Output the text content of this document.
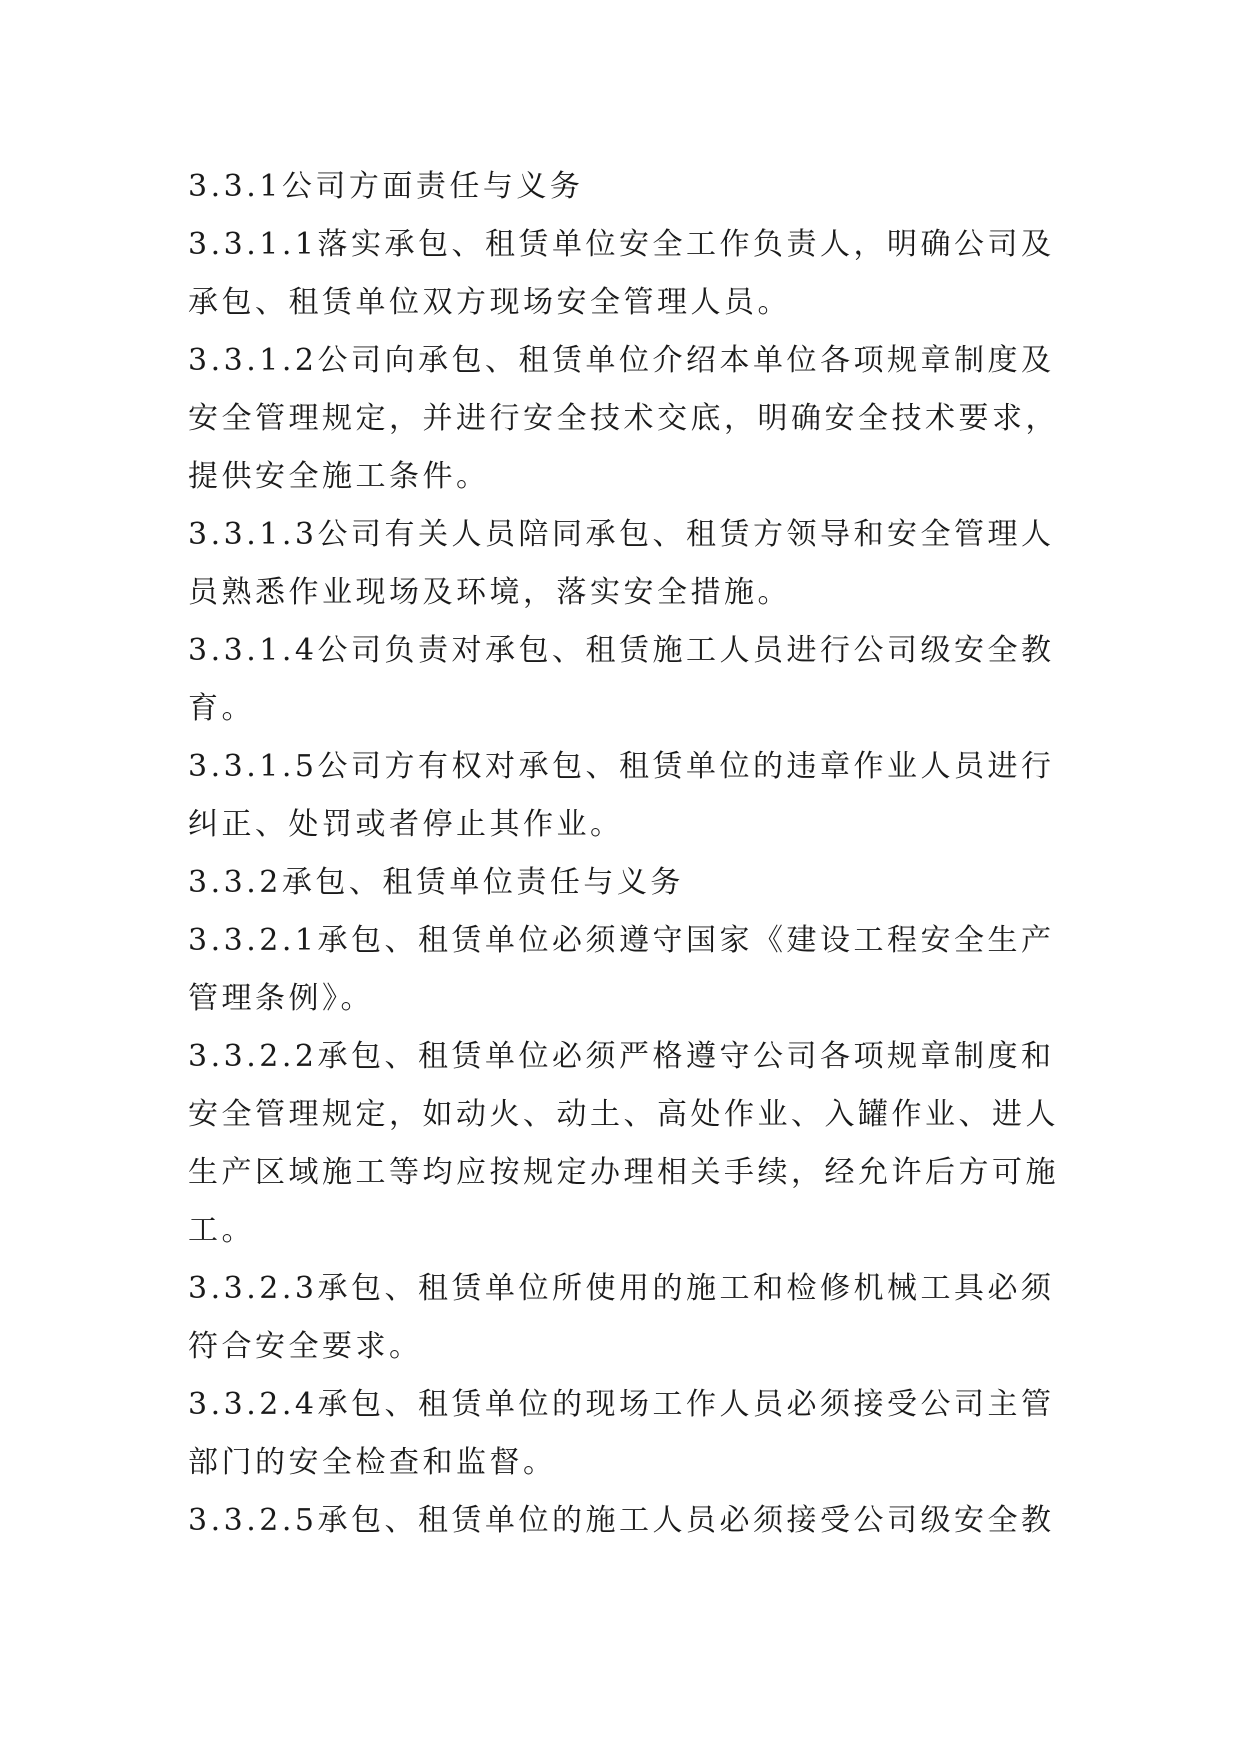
3.3.1公司方面责任与义务
3.3.1.1落实承包、租赁单位安全工作负责人，明确公司及
承包、租赁单位双方现场安全管理人员。
3.3.1.2公司向承包、租赁单位介绍本单位各项规章制度及
安全管理规定，并进行安全技术交底，明确安全技术要求，
提供安全施工条件。
3.3.1.3公司有关人员陪同承包、租赁方领导和安全管理人
员熟悉作业现场及环境，落实安全措施。
3.3.1.4公司负责对承包、租赁施工人员进行公司级安全教
育。
3.3.1.5公司方有权对承包、租赁单位的违章作业人员进行
纠正、处罚或者停止其作业。
3.3.2承包、租赁单位责任与义务
3.3.2.1承包、租赁单位必须遵守国家《建设工程安全生产
管理条例》。
3.3.2.2承包、租赁单位必须严格遵守公司各项规章制度和
安全管理规定，如动火、动土、高处作业、入罐作业、进人
生产区域施工等均应按规定办理相关手续，经允许后方可施
工。
3.3.2.3承包、租赁单位所使用的施工和检修机械工具必须
符合安全要求。
3.3.2.4承包、租赁单位的现场工作人员必须接受公司主管
部门的安全检查和监督。
3.3.2.5承包、租赁单位的施工人员必须接受公司级安全教
